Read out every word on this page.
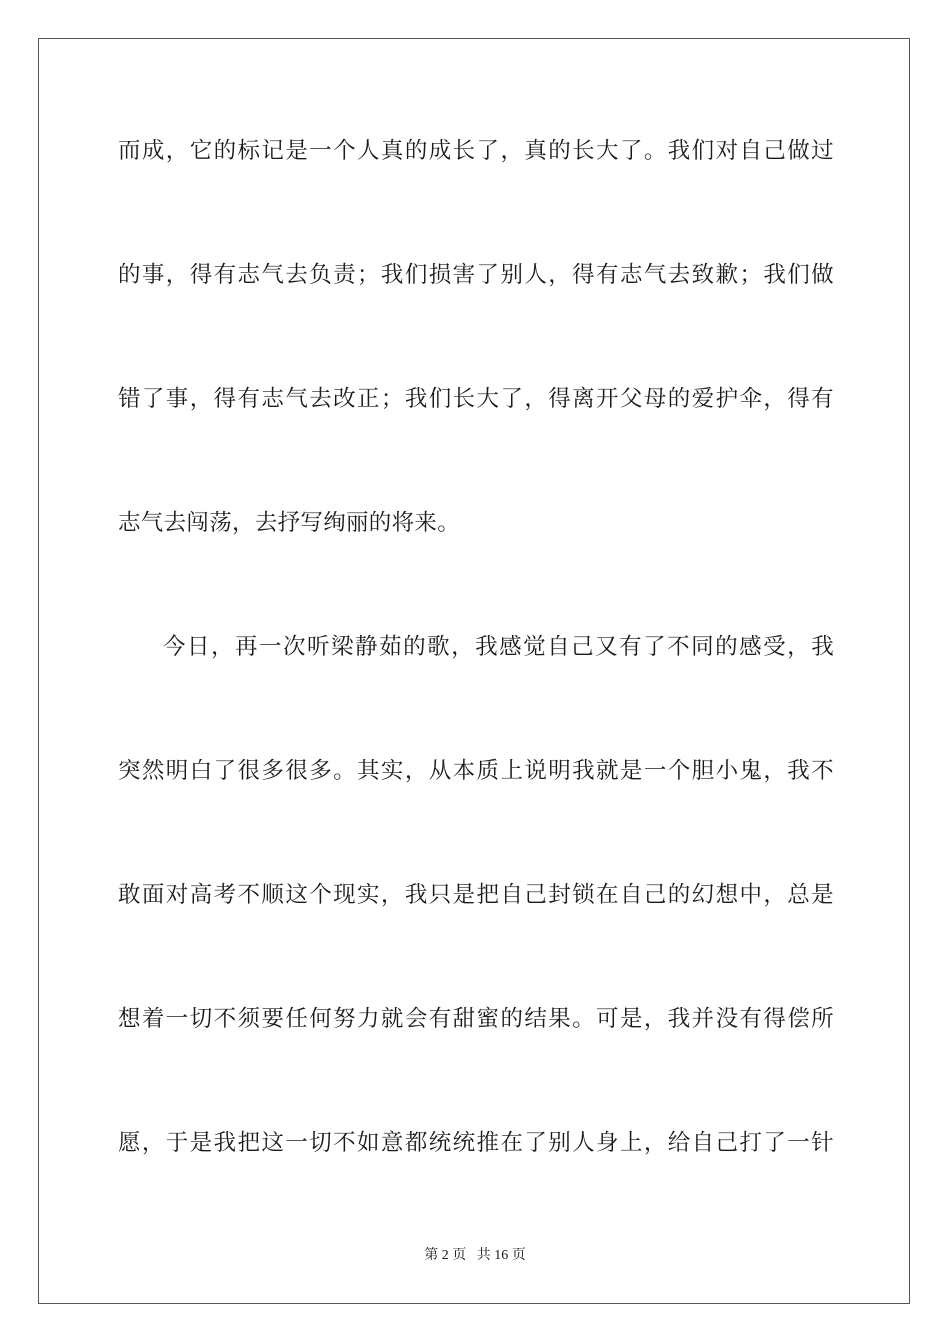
而成，它的标记是一个人真的成长了，真的长大了。我们对自己做过
的事，得有志气去负责；我们损害了别人，得有志气去致歉；我们做
错了事，得有志气去改正；我们长大了，得离开父母的爱护伞，得有
志气去闯荡，去抒写绚丽的将来。
今日，再一次听梁静茹的歌，我感觉自己又有了不同的感受，我
突然明白了很多很多。其实，从本质上说明我就是一个胆小鬼，我不
敢面对高考不顺这个现实，我只是把自己封锁在自己的幻想中，总是
想着一切不须要任何努力就会有甜蜜的结果。可是，我并没有得偿所
愿，于是我把这一切不如意都统统推在了别人身上，给自己打了一针
第 2 页 共 16 页
